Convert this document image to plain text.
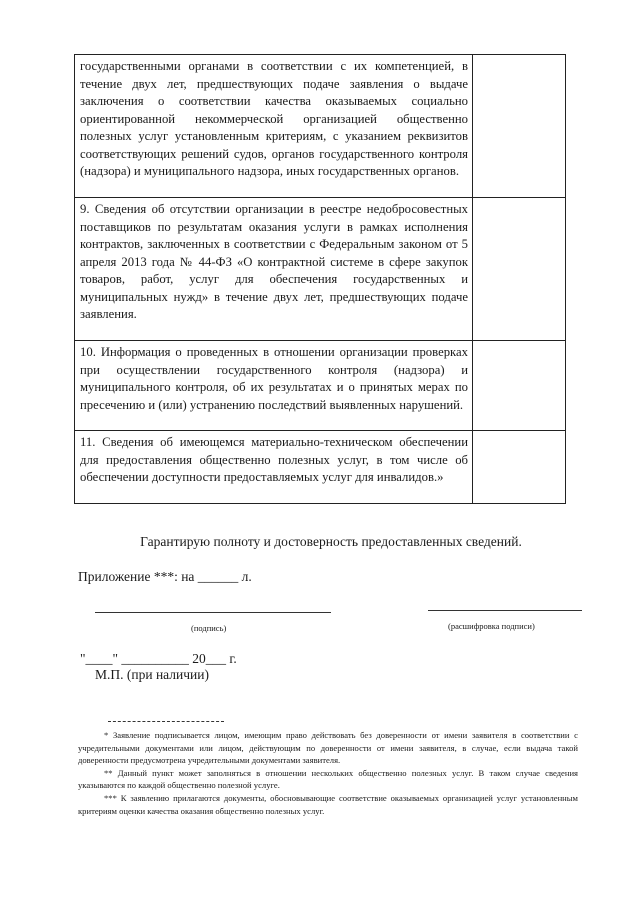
государственными органами в соответствии с их компетенцией, в течение двух лет, предшествующих подаче заявления о выдаче заключения о соответствии качества оказываемых социально ориентированной некоммерческой организацией общественно полезных услуг установленным критериям, с указанием реквизитов соответствующих решений судов, органов государственного контроля (надзора) и муниципального надзора, иных государственных органов.	
9. Сведения об отсутствии организации в реестре недобросовестных поставщиков по результатам оказания услуги в рамках исполнения контрактов, заключенных в соответствии с Федеральным законом от 5 апреля 2013 года № 44-ФЗ «О контрактной системе в сфере закупок товаров, работ, услуг для обеспечения государственных и муниципальных нужд» в течение двух лет, предшествующих подаче заявления.	
10. Информация о проведенных в отношении организации проверках при осуществлении государственного контроля (надзора) и муниципального контроля, об их результатах и о принятых мерах по пресечению и (или) устранению последствий выявленных нарушений.	
11. Сведения об имеющемся материально-техническом обеспечении для предоставления общественно полезных услуг, в том числе об обеспечении доступности предоставляемых услуг для инвалидов.»	
Гарантирую полноту и достоверность предоставленных сведений.
Приложение ***: на ______ л.
(подпись)	(расшифровка подписи)
"____" __________ 20___ г.
М.П. (при наличии)

* Заявление подписывается лицом, имеющим право действовать без доверенности от имени заявителя в соответствии с учредительными документами или лицом, действующим по доверенности от имени заявителя, в случае, если выдача такой доверенности предусмотрена учредительными документами заявителя.

** Данный пункт может заполняться в отношении нескольких общественно полезных услуг. В таком случае сведения указываются по каждой общественно полезной услуге.

*** К заявлению прилагаются документы, обосновывающие соответствие оказываемых организацией услуг установленным критериям оценки качества оказания общественно полезных услуг.
